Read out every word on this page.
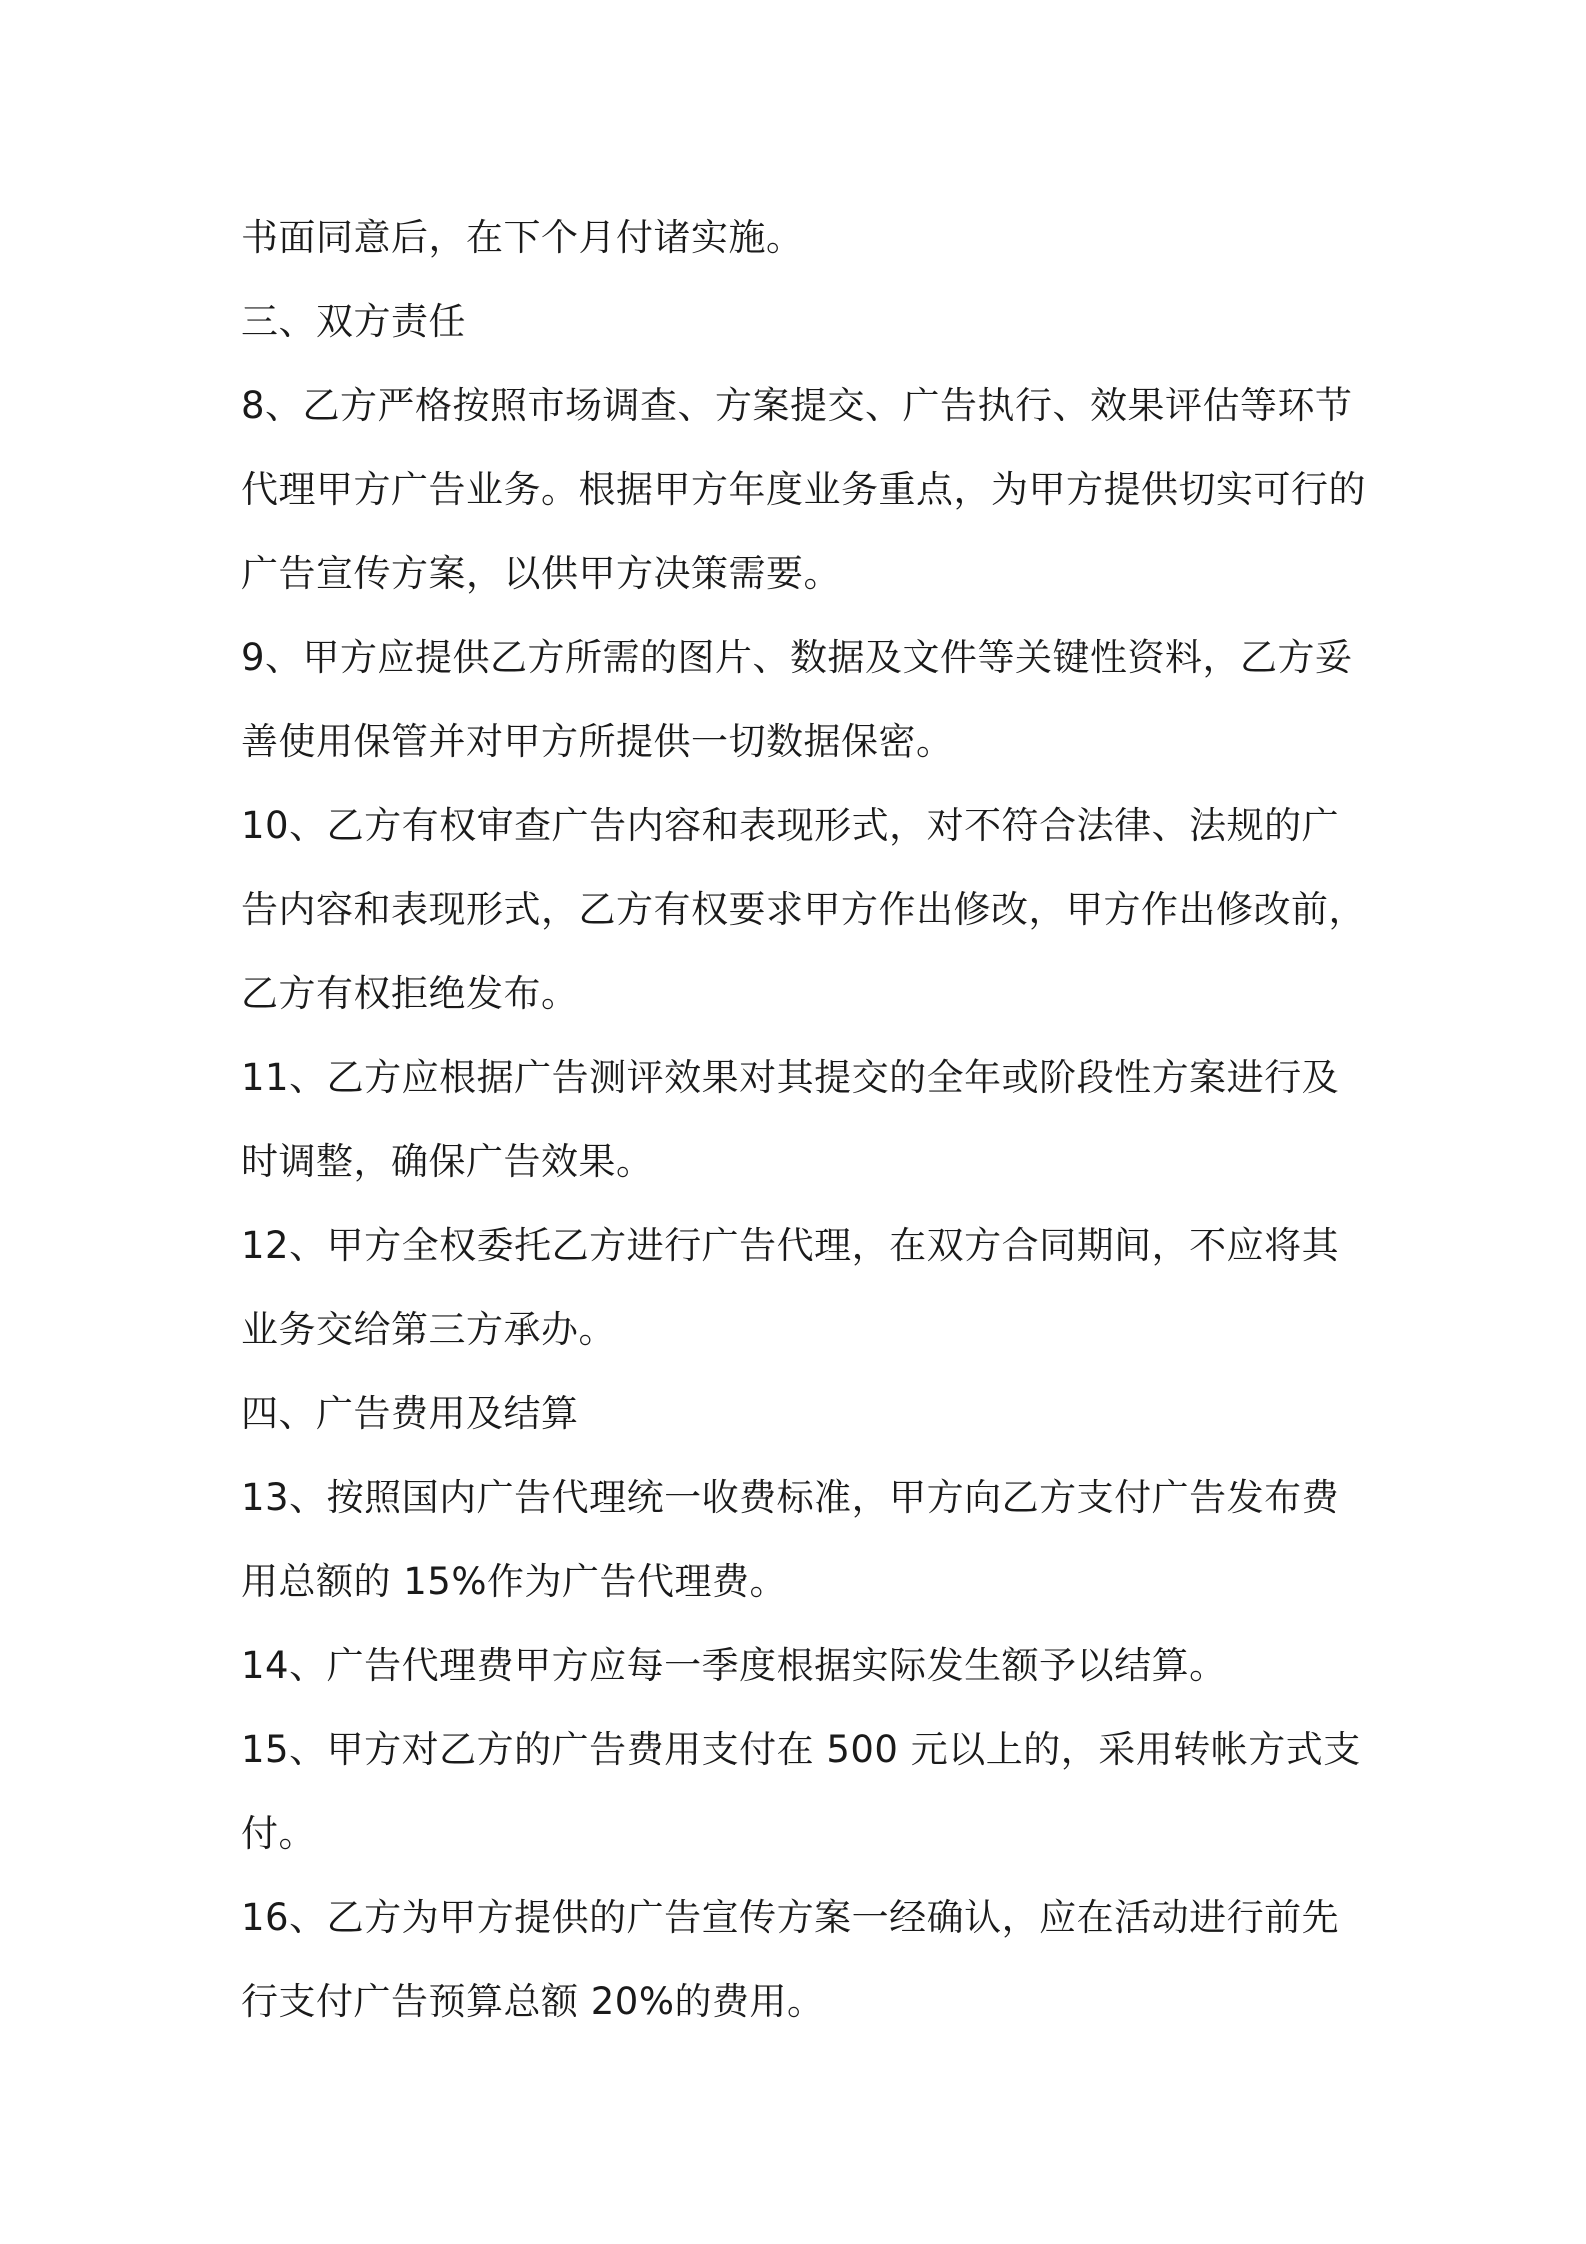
书面同意后，在下个月付诸实施。
三、双方责任
8、乙方严格按照市场调查、方案提交、广告执行、效果评估等环节
代理甲方广告业务。根据甲方年度业务重点，为甲方提供切实可行的
广告宣传方案，以供甲方决策需要。
9、甲方应提供乙方所需的图片、数据及文件等关键性资料，乙方妥
善使用保管并对甲方所提供一切数据保密。
10、乙方有权审查广告内容和表现形式，对不符合法律、法规的广
告内容和表现形式，乙方有权要求甲方作出修改，甲方作出修改前，
乙方有权拒绝发布。
11、乙方应根据广告测评效果对其提交的全年或阶段性方案进行及
时调整，确保广告效果。
12、甲方全权委托乙方进行广告代理，在双方合同期间，不应将其
业务交给第三方承办。
四、广告费用及结算
13、按照国内广告代理统一收费标准，甲方向乙方支付广告发布费
用总额的 15%作为广告代理费。
14、广告代理费甲方应每一季度根据实际发生额予以结算。
15、甲方对乙方的广告费用支付在 500 元以上的，采用转帐方式支
付。
16、乙方为甲方提供的广告宣传方案一经确认，应在活动进行前先
行支付广告预算总额 20%的费用。
